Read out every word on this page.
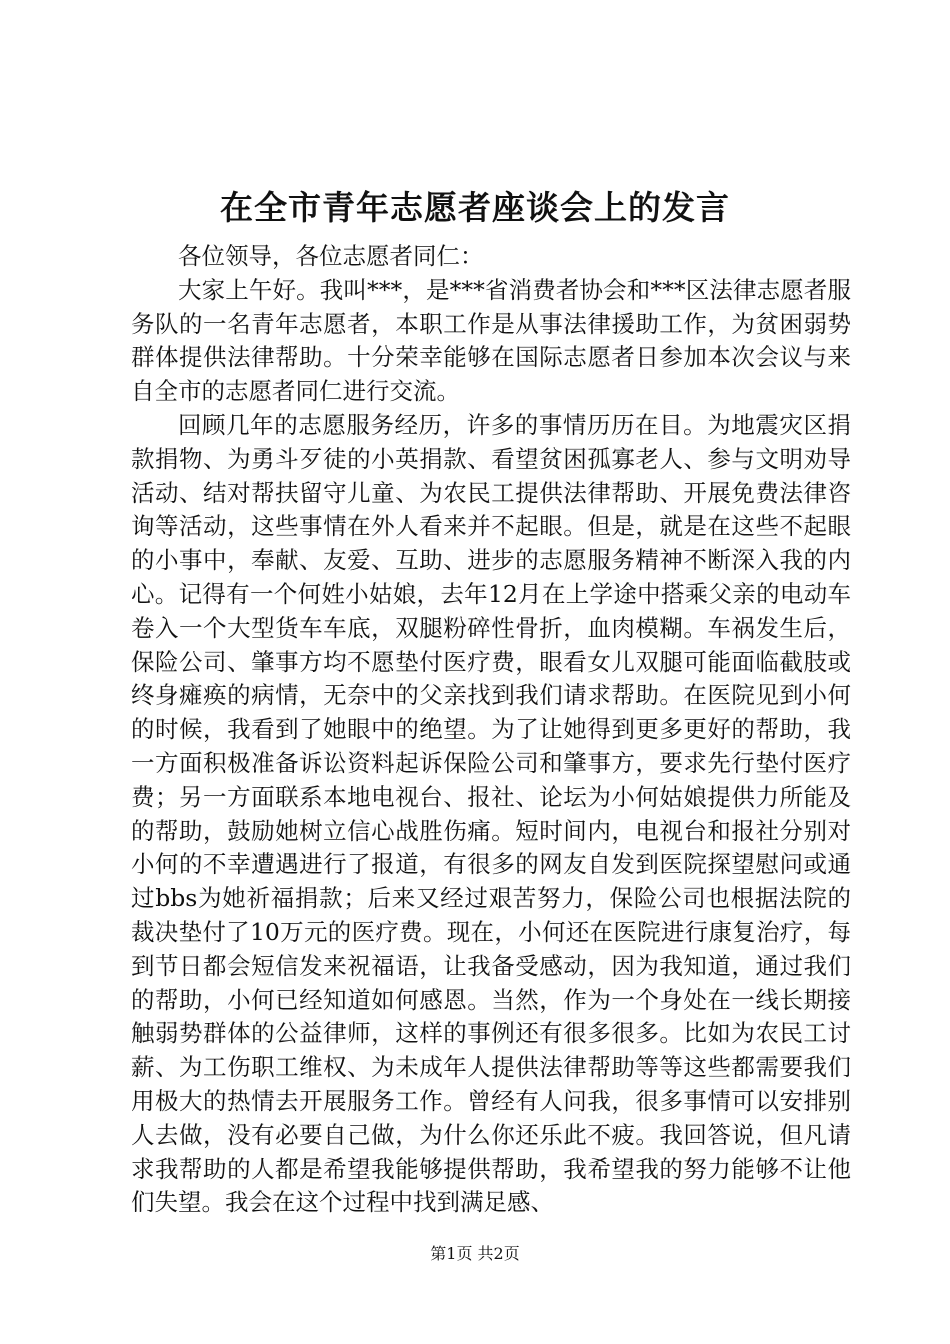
在全市青年志愿者座谈会上的发言

各位领导，各位志愿者同仁：

大家上午好。我叫***，是***省消费者协会和***区法律志愿者服务队的一名青年志愿者，本职工作是从事法律援助工作，为贫困弱势群体提供法律帮助。十分荣幸能够在国际志愿者日参加本次会议与来自全市的志愿者同仁进行交流。

回顾几年的志愿服务经历，许多的事情历历在目。为地震灾区捐款捐物、为勇斗歹徒的小英捐款、看望贫困孤寡老人、参与文明劝导活动、结对帮扶留守儿童、为农民工提供法律帮助、开展免费法律咨询等活动，这些事情在外人看来并不起眼。但是，就是在这些不起眼的小事中，奉献、友爱、互助、进步的志愿服务精神不断深入我的内心。记得有一个何姓小姑娘，去年12月在上学途中搭乘父亲的电动车卷入一个大型货车车底，双腿粉碎性骨折，血肉模糊。车祸发生后，保险公司、肇事方均不愿垫付医疗费，眼看女儿双腿可能面临截肢或终身瘫痪的病情，无奈中的父亲找到我们请求帮助。在医院见到小何的时候，我看到了她眼中的绝望。为了让她得到更多更好的帮助，我一方面积极准备诉讼资料起诉保险公司和肇事方，要求先行垫付医疗费；另一方面联系本地电视台、报社、论坛为小何姑娘提供力所能及的帮助，鼓励她树立信心战胜伤痛。短时间内，电视台和报社分别对小何的不幸遭遇进行了报道，有很多的网友自发到医院探望慰问或通过bbs为她祈福捐款；后来又经过艰苦努力，保险公司也根据法院的裁决垫付了10万元的医疗费。现在，小何还在医院进行康复治疗，每到节日都会短信发来祝福语，让我备受感动，因为我知道，通过我们的帮助，小何已经知道如何感恩。当然，作为一个身处在一线长期接触弱势群体的公益律师，这样的事例还有很多很多。比如为农民工讨薪、为工伤职工维权、为未成年人提供法律帮助等等这些都需要我们用极大的热情去开展服务工作。曾经有人问我，很多事情可以安排别人去做，没有必要自己做，为什么你还乐此不疲。我回答说，但凡请求我帮助的人都是希望我能够提供帮助，我希望我的努力能够不让他们失望。我会在这个过程中找到满足感、

第1页 共2页
